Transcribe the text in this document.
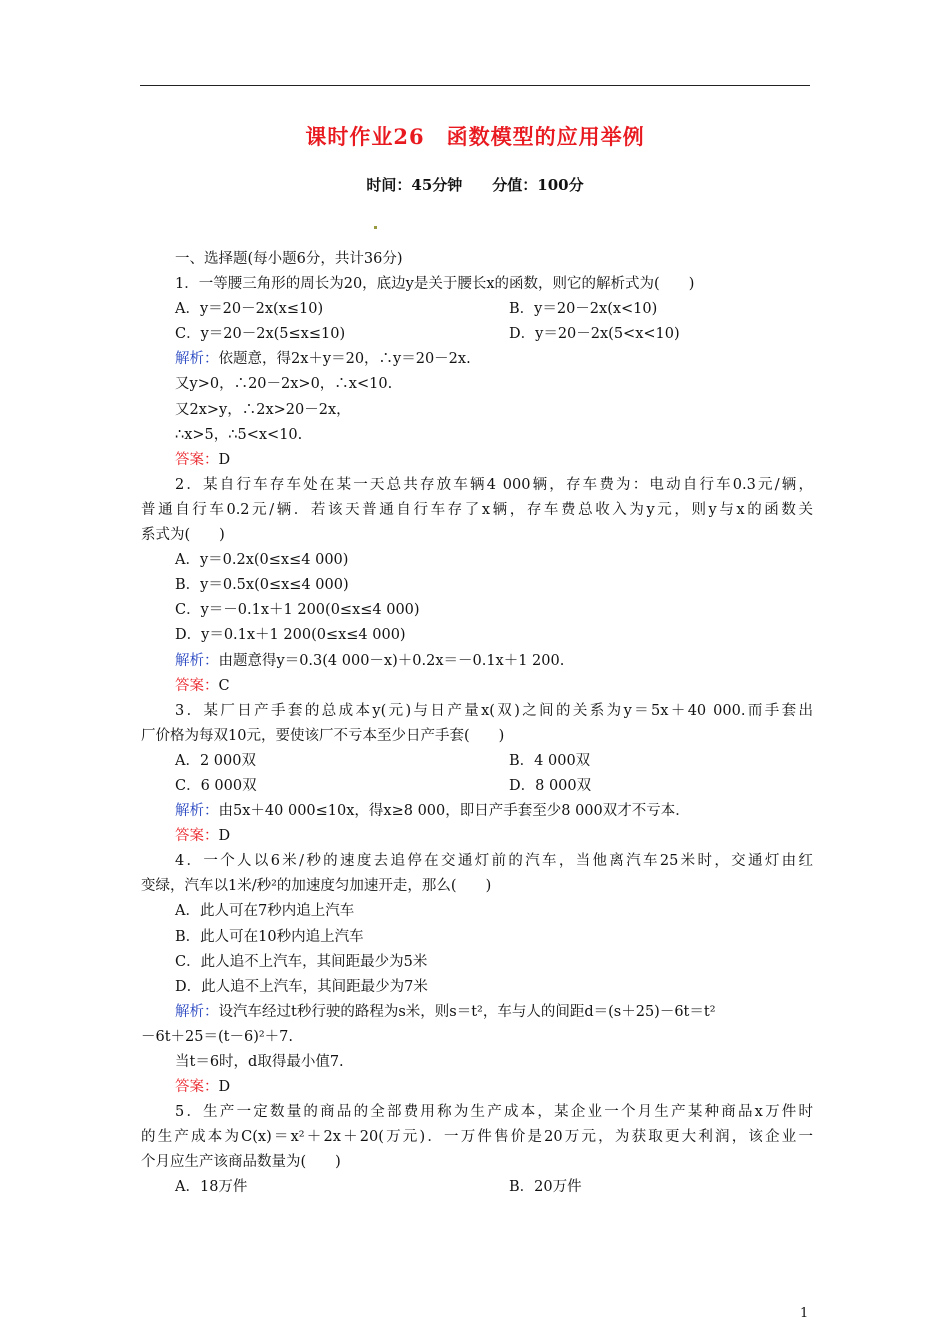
课时作业26　函数模型的应用举例
时间：45分钟　　分值：100分
一、选择题(每小题6分，共计36分)
1．一等腰三角形的周长为20，底边y是关于腰长x的函数，则它的解析式为(　　)
A．y＝20－2x(x≤10)	B．y＝20－2x(x<10)
C．y＝20－2x(5≤x≤10)	D．y＝20－2x(5<x<10)
解析：依题意，得2x＋y＝20，∴y＝20－2x.
又y>0，∴20－2x>0，∴x<10.
又2x>y，∴2x>20－2x，
∴x>5，∴5<x<10.
答案：D
2．某自行车存车处在某一天总共存放车辆4 000辆，存车费为：电动自行车0.3元/辆，
普通自行车0.2元/辆．若该天普通自行车存了x辆，存车费总收入为y元，则y与x的函数关
系式为(　　)
A．y＝0.2x(0≤x≤4 000)
B．y＝0.5x(0≤x≤4 000)
C．y＝－0.1x＋1 200(0≤x≤4 000)
D．y＝0.1x＋1 200(0≤x≤4 000)
解析：由题意得y＝0.3(4 000－x)＋0.2x＝－0.1x＋1 200.
答案：C
3．某厂日产手套的总成本y(元)与日产量x(双)之间的关系为y＝5x＋40 000.而手套出
厂价格为每双10元，要使该厂不亏本至少日产手套(　　)
A．2 000双	B．4 000双
C．6 000双	D．8 000双
解析：由5x＋40 000≤10x，得x≥8 000，即日产手套至少8 000双才不亏本．
答案：D
4．一个人以6米/秒的速度去追停在交通灯前的汽车，当他离汽车25米时，交通灯由红
变绿，汽车以1米/秒²的加速度匀加速开走，那么(　　)
A．此人可在7秒内追上汽车
B．此人可在10秒内追上汽车
C．此人追不上汽车，其间距最少为5米
D．此人追不上汽车，其间距最少为7米
解析：设汽车经过t秒行驶的路程为s米，则s＝t²，车与人的间距d＝(s＋25)－6t＝t²
－6t＋25＝(t－6)²＋7.
当t＝6时，d取得最小值7.
答案：D
5．生产一定数量的商品的全部费用称为生产成本，某企业一个月生产某种商品x万件时
的生产成本为C(x)＝x²＋2x＋20(万元)．一万件售价是20万元，为获取更大利润，该企业一
个月应生产该商品数量为(　　)
A．18万件	B．20万件
1
